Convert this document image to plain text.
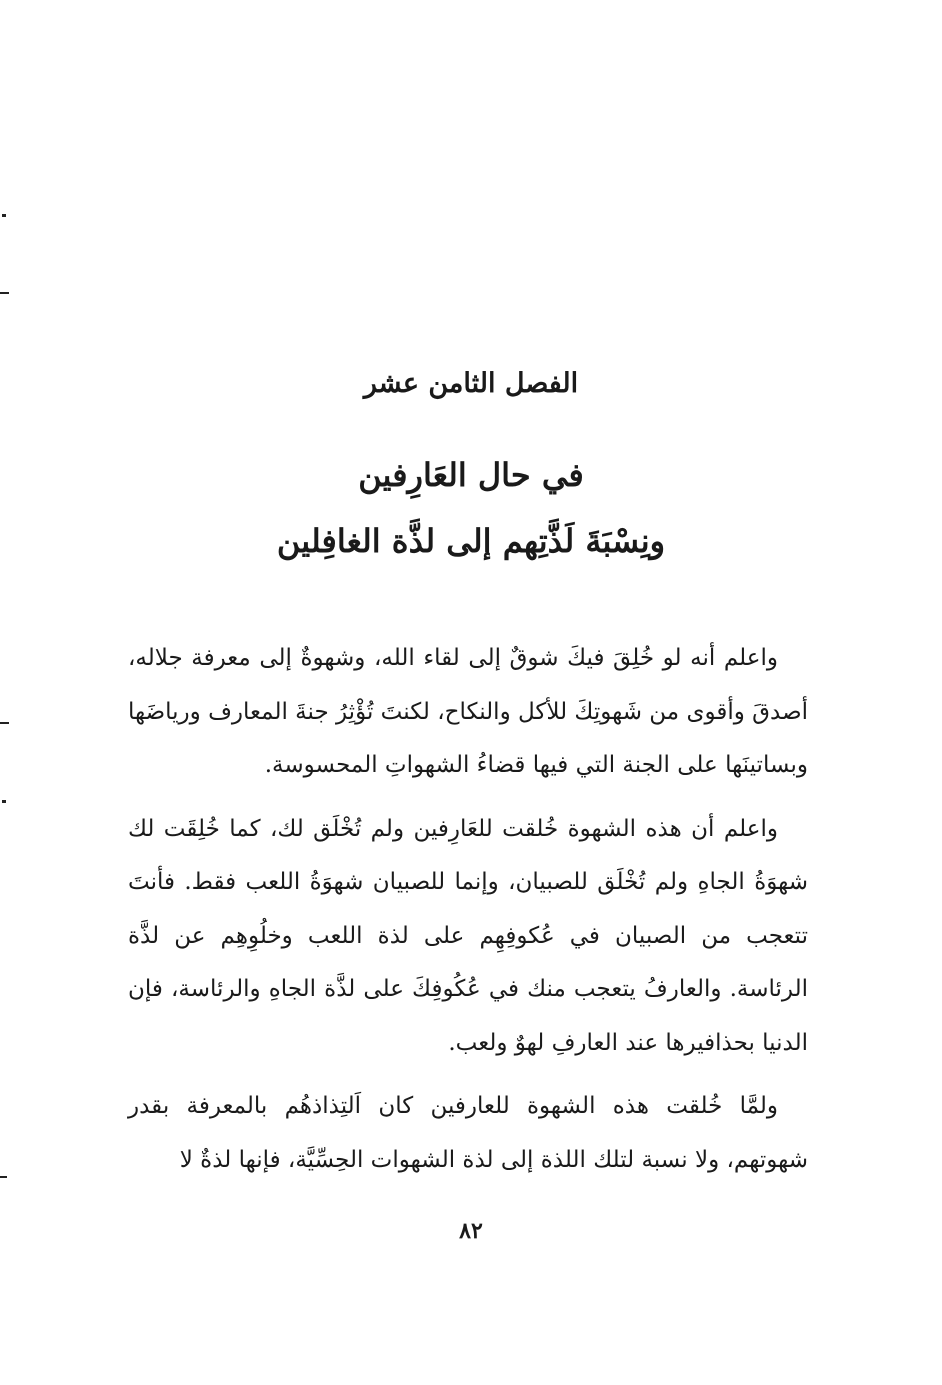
الفصل الثامن عشر
في حال العَارِفين
ونِسْبَةَ لَذَّتِهم إلى لذَّة الغافِلين

واعلم أنه لو خُلِقَ فيكَ شوقٌ إلى لقاء الله، وشهوةٌ إلى معرفة جلاله، أصدقَ وأقوى من شَهوتِكَ للأكل والنكاح، لكنتَ تُؤْثِرُ جنةَ المعارف ورياضَها وبساتينَها على الجنة التي فيها قضاءُ الشهواتِ المحسوسة.

واعلم أن هذه الشهوة خُلقت للعَارِفين ولم تُخْلَق لك، كما خُلِقَت لك شهوَةُ الجاهِ ولم تُخْلَق للصبيان، وإنما للصبيان شهوَةُ اللعب فقط. فأنتَ تتعجب من الصبيان في عُكوفِهِم على لذة اللعب وخلُوِهِم عن لذَّة الرئاسة. والعارفُ يتعجب منك في عُكُوفِكَ على لذَّة الجاهِ والرئاسة، فإن الدنيا بحذافيرها عند العارفِ لهوٌ ولعب.

ولمَّا خُلقت هذه الشهوة للعارفين كان اَلتِذاذهُم بالمعرفة بقدر شهوتهم، ولا نسبة لتلك اللذة إلى لذة الشهوات الحِسِّيَّة، فإنها لذةٌ لا

٨٢
